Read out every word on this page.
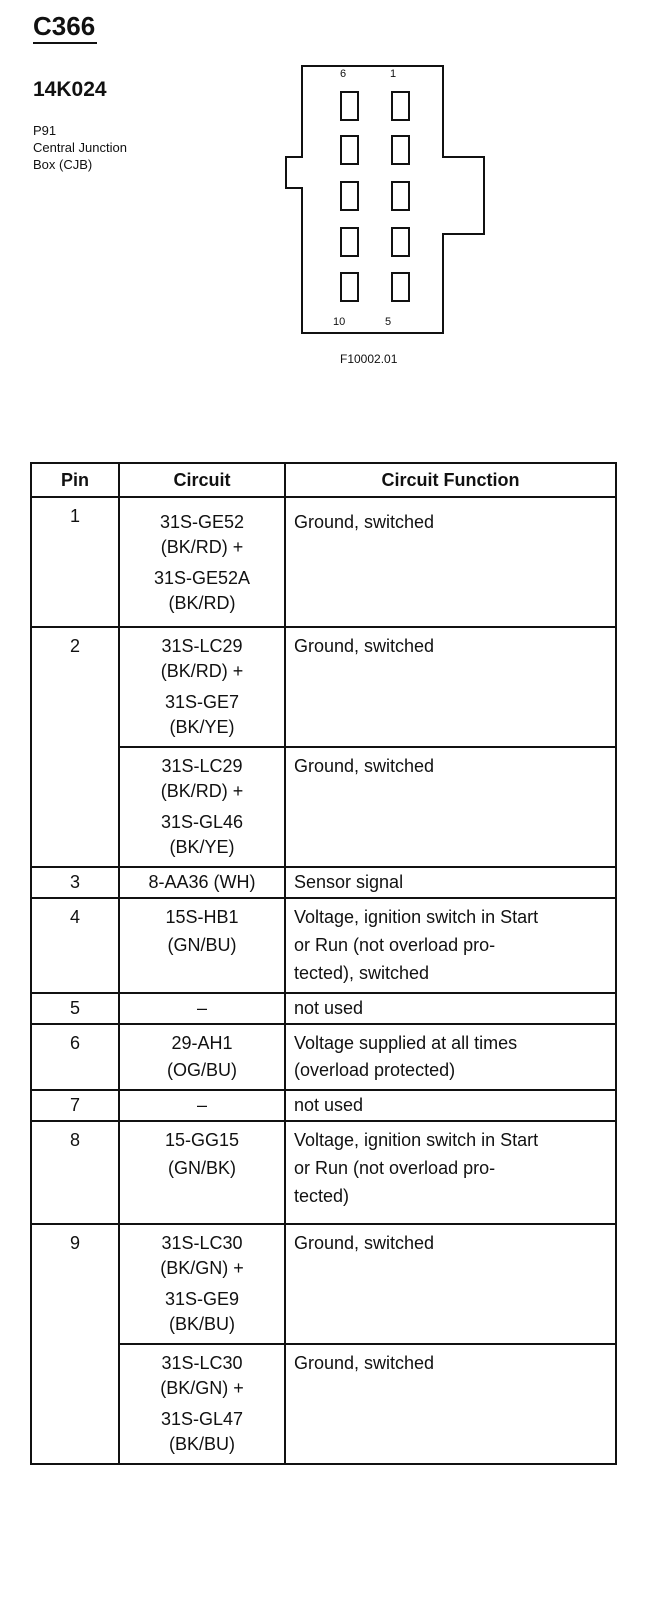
C366
14K024
P91
Central Junction
Box (CJB)
6	1
10	5
F10002.01
Pin	Circuit	Circuit Function
1	31S-GE52
(BK/RD) +
31S-GE52A
(BK/RD)	Ground, switched

2	31S-LC29
(BK/RD) +
31S-GE7
(BK/YE)	Ground, switched

	31S-LC29
(BK/RD) +
31S-GL46
(BK/YE)	Ground, switched

3	8-AA36 (WH)	Sensor signal

4	15S-HB1
(GN/BU)	Voltage, ignition switch in Start
or Run (not overload pro-
tected), switched

5	–	not used

6	29-AH1
(OG/BU)	Voltage supplied at all times
(overload protected)

7	–	not used

8	15-GG15
(GN/BK)	Voltage, ignition switch in Start
or Run (not overload pro-
tected)

9	31S-LC30
(BK/GN) +
31S-GE9
(BK/BU)	Ground, switched

	31S-LC30
(BK/GN) +
31S-GL47
(BK/BU)	Ground, switched
